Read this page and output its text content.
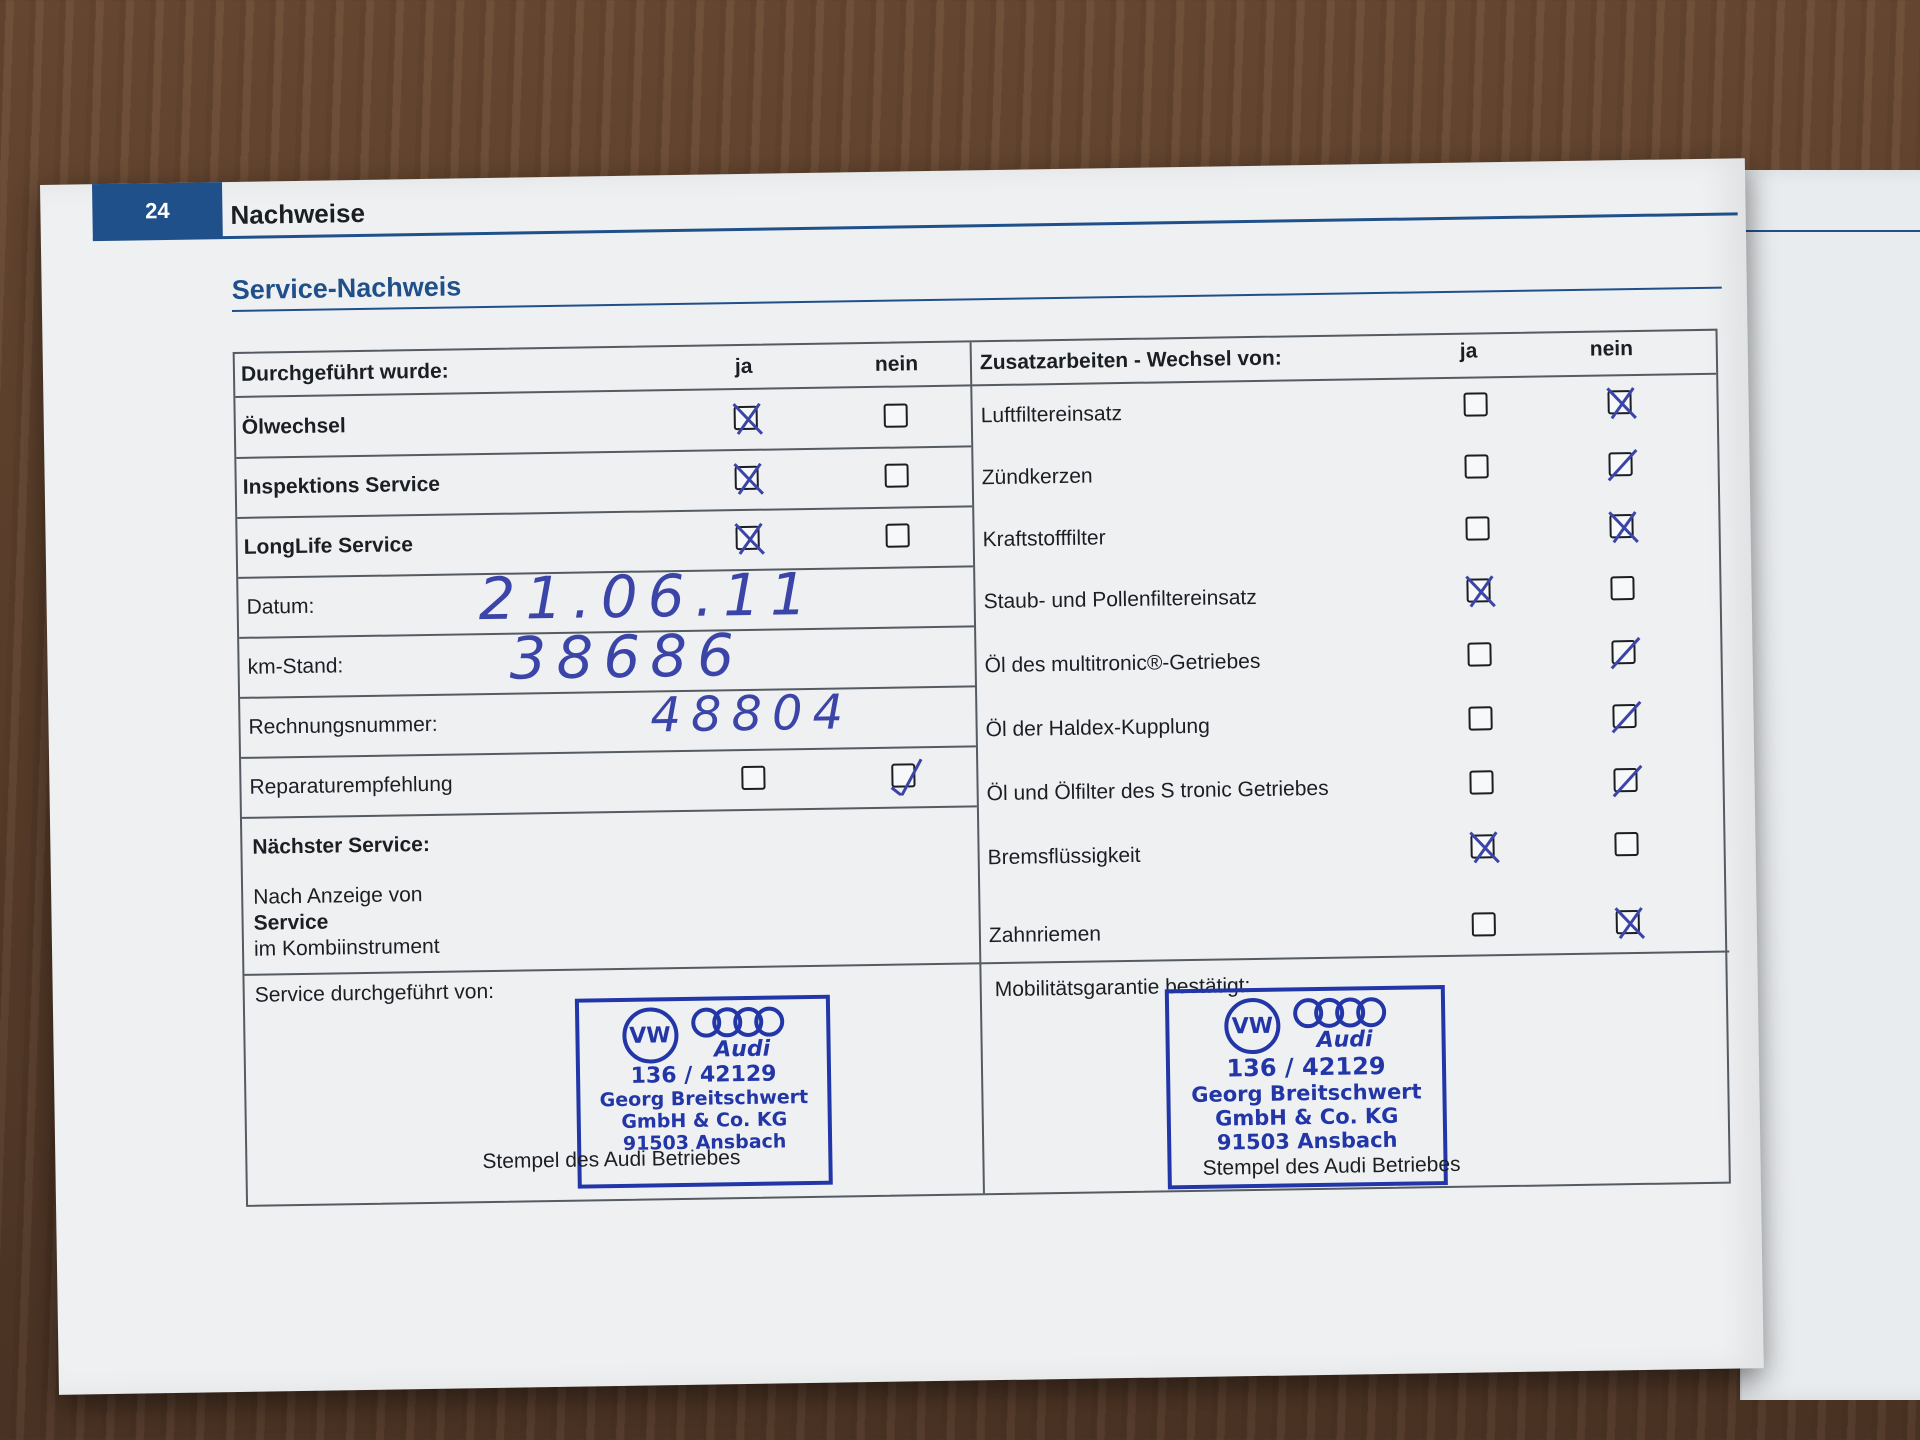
24	Nachweise
Service-Nachweis
Durchgeführt wurde:	ja	nein	Zusatzarbeiten - Wechsel von:	ja	nein
Ölwechsel
Inspektions Service
LongLife Service
Datum:	21.06.11
km-Stand:	38686
Rechnungsnummer:	48804
Reparaturempfehlung
Nächster Service:
Nach Anzeige von
Service
im Kombiinstrument
Luftfiltereinsatz
Zündkerzen
Kraftstofffilter
Staub- und Pollenfiltereinsatz
Öl des multitronic®-Getriebes
Öl der Haldex-Kupplung
Öl und Ölfilter des S tronic Getriebes
Bremsflüssigkeit
Zahnriemen
Service durchgeführt von:	Mobilitätsgarantie bestätigt:
VW
Audi
136 / 42129
Georg Breitschwert
GmbH & Co. KG
91503 Ansbach
Stempel des Audi Betriebes
VW
Audi
136 / 42129
Georg Breitschwert
GmbH & Co. KG
91503 Ansbach
Stempel des Audi Betriebes
